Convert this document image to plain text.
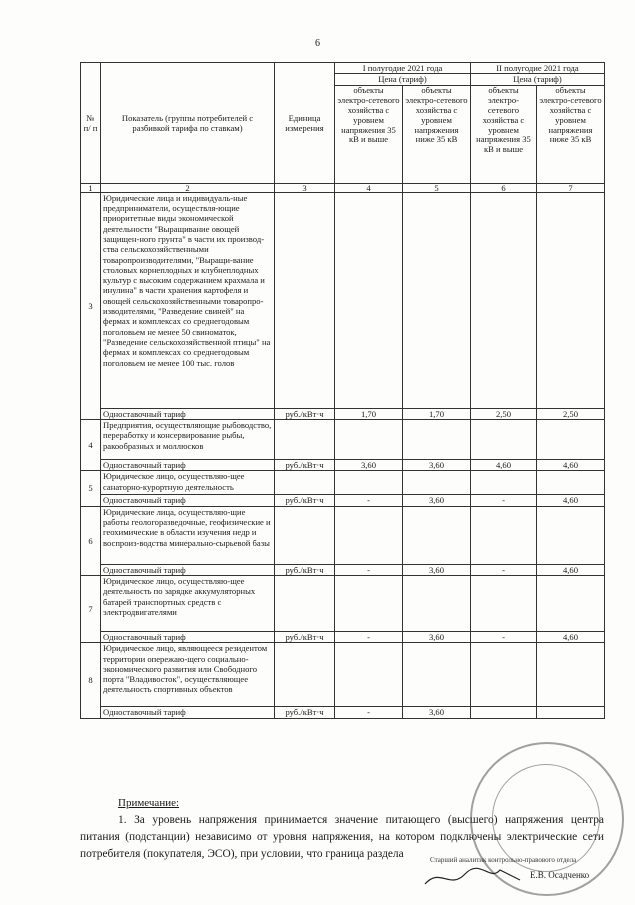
6
№ п/ п	Показатель (группы потребителей с разбивкой тарифа по ставкам)	Единица измерения	I полугодие 2021 года		II полугодие 2021 года	
			Цена (тариф)		Цена (тариф)	
			объекты электро-сетевого хозяйства с уровнем напряжения 35 кВ и выше	объекты электро-сетевого хозяйства с уровнем напряжения ниже 35 кВ	объекты электро-сетевого хозяйства с уровнем напряжения 35 кВ и выше	объекты электро-сетевого хозяйства с уровнем напряжения ниже 35 кВ
1	2	3	4	5	6	7
3	Юридические лица и индивидуаль-ные предприниматели, осуществля-ющие приоритетные виды экономической деятельности "Выращивание овощей защищен-ного грунта" в части их производ-ства сельскохозяйственными товаропроизводителями, "Выращи-вание столовых корнеплодных и клубнеплодных культур с высоким содержанием крахмала и инулина" в части хранения картофеля и овощей сельскохозяйственными товаропро-изводителями, "Разведение свиней" на фермах и комплексах со среднегодовым поголовьем не менее 50 свиноматок, "Разведение сельскохозяйственной птицы" на фермах и комплексах со среднегодовым поголовьем не менее 100 тыс. голов					
	Одноставочный тариф	руб./кВт·ч	1,70	1,70	2,50	2,50
4	Предприятия, осуществляющие рыбоводство, переработку и консервирование рыбы, ракообразных и моллюсков					
	Одноставочный тариф	руб./кВт·ч	3,60	3,60	4,60	4,60
5	Юридическое лицо, осуществляю-щее санаторно-курортную деятельность					
	Одноставочный тариф	руб./кВт·ч	-	3,60	-	4,60
6	Юридические лица, осуществляю-щие работы геологоразведочные, геофизические и геохимические в области изучения недр и воспроиз-водства минерально-сырьевой базы					
	Одноставочный тариф	руб./кВт·ч	-	3,60	-	4,60
7	Юридическое лицо, осуществляю-щее деятельность по зарядке аккумуляторных батарей транспортных средств с электродвигателями					
	Одноставочный тариф	руб./кВт·ч	-	3,60	-	4,60
8	Юридическое лицо, являющееся резидентом территории опережаю-щего социально-экономического развития или Свободного порта "Владивосток", осуществляющее деятельность спортивных объектов					
	Одноставочный тариф	руб./кВт·ч	-	3,60		
Примечание:
1. За уровень напряжения принимается значение питающего (высшего) напряжения центра питания (подстанции) независимо от уровня напряжения, на котором подключены электрические сети потребителя (покупателя, ЭСО), при условии, что граница раздела	Старший аналитик контрольно-правового отдела
Е.В. Осадченко
